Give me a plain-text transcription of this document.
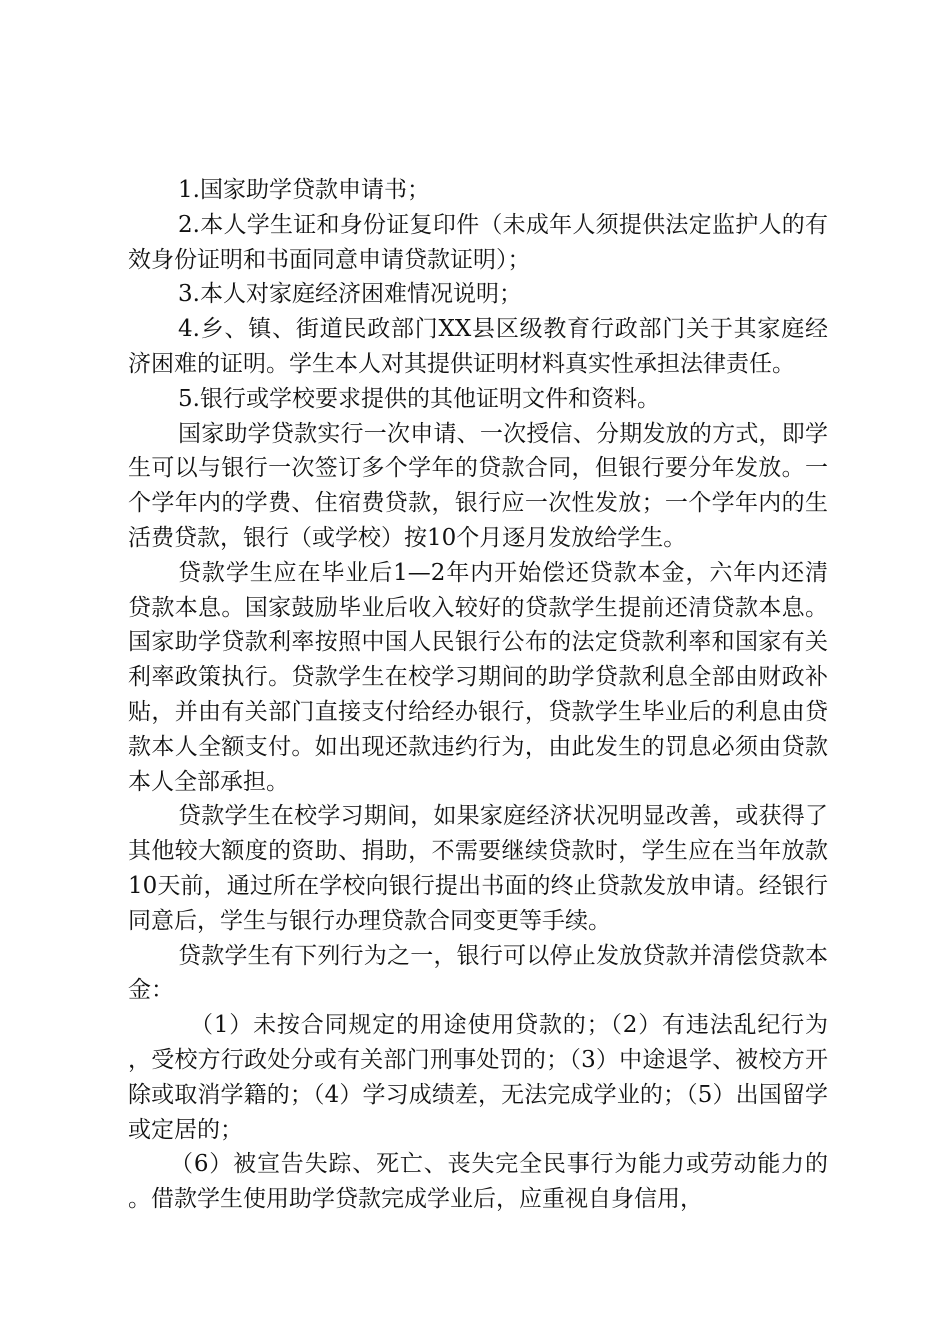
1.国家助学贷款申请书；

2.本人学生证和身份证复印件（未成年人须提供法定监护人的有效身份证明和书面同意申请贷款证明）；

3.本人对家庭经济困难情况说明；

4.乡、镇、街道民政部门XX县区级教育行政部门关于其家庭经济困难的证明。学生本人对其提供证明材料真实性承担法律责任。

5.银行或学校要求提供的其他证明文件和资料。

国家助学贷款实行一次申请、一次授信、分期发放的方式，即学生可以与银行一次签订多个学年的贷款合同，但银行要分年发放。一个学年内的学费、住宿费贷款，银行应一次性发放；一个学年内的生活费贷款，银行（或学校）按10个月逐月发放给学生。

贷款学生应在毕业后1—2年内开始偿还贷款本金，六年内还清贷款本息。国家鼓励毕业后收入较好的贷款学生提前还清贷款本息。国家助学贷款利率按照中国人民银行公布的法定贷款利率和国家有关利率政策执行。贷款学生在校学习期间的助学贷款利息全部由财政补贴，并由有关部门直接支付给经办银行，贷款学生毕业后的利息由贷款本人全额支付。如出现还款违约行为，由此发生的罚息必须由贷款本人全部承担。

贷款学生在校学习期间，如果家庭经济状况明显改善，或获得了其他较大额度的资助、捐助，不需要继续贷款时，学生应在当年放款10天前，通过所在学校向银行提出书面的终止贷款发放申请。经银行同意后，学生与银行办理贷款合同变更等手续。

贷款学生有下列行为之一，银行可以停止发放贷款并清偿贷款本金：

（1）未按合同规定的用途使用贷款的；（2）有违法乱纪行为，受校方行政处分或有关部门刑事处罚的；（3）中途退学、被校方开除或取消学籍的；（4）学习成绩差，无法完成学业的；（5）出国留学或定居的；

（6）被宣告失踪、死亡、丧失完全民事行为能力或劳动能力的。借款学生使用助学贷款完成学业后，应重视自身信用，
